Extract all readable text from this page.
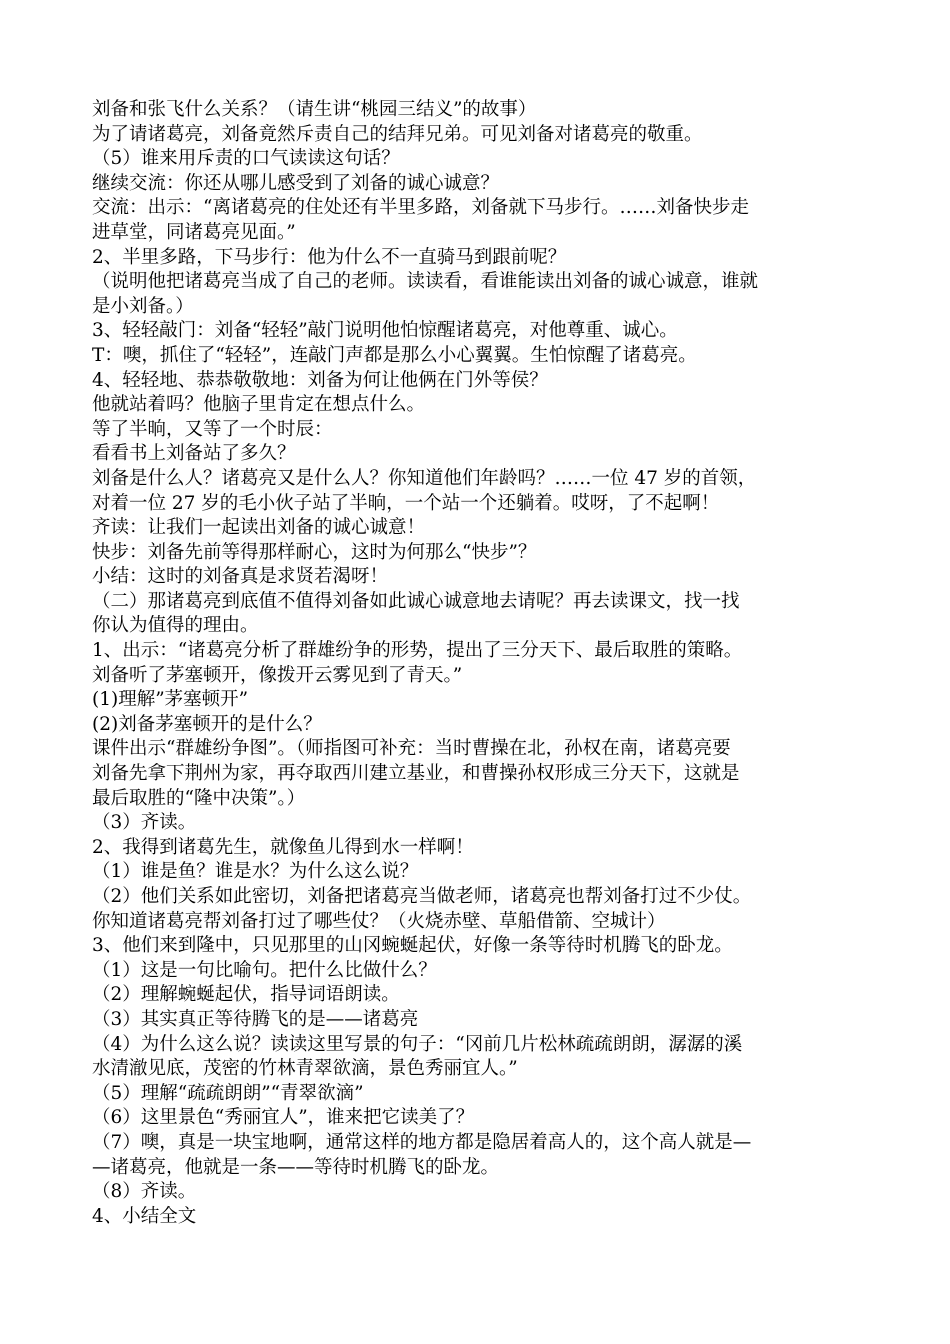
刘备和张飞什么关系？（请生讲“桃园三结义”的故事）
为了请诸葛亮，刘备竟然斥责自己的结拜兄弟。可见刘备对诸葛亮的敬重。
（5）谁来用斥责的口气读读这句话？
继续交流：你还从哪儿感受到了刘备的诚心诚意？
交流：出示：“离诸葛亮的住处还有半里多路，刘备就下马步行。……刘备快步走
进草堂，同诸葛亮见面。”
2、半里多路，下马步行：他为什么不一直骑马到跟前呢？
（说明他把诸葛亮当成了自己的老师。读读看，看谁能读出刘备的诚心诚意，谁就
是小刘备。）
3、轻轻敲门：刘备“轻轻”敲门说明他怕惊醒诸葛亮，对他尊重、诚心。
T：噢，抓住了“轻轻”，连敲门声都是那么小心翼翼。生怕惊醒了诸葛亮。
4、轻轻地、恭恭敬敬地：刘备为何让他俩在门外等侯？
他就站着吗？他脑子里肯定在想点什么。
等了半晌，又等了一个时辰：
看看书上刘备站了多久？
刘备是什么人？诸葛亮又是什么人？你知道他们年龄吗？……一位 47 岁的首领，
对着一位 27 岁的毛小伙子站了半晌，一个站一个还躺着。哎呀，了不起啊！
齐读：让我们一起读出刘备的诚心诚意！
快步：刘备先前等得那样耐心，这时为何那么“快步”？
小结：这时的刘备真是求贤若渴呀！
（二）那诸葛亮到底值不值得刘备如此诚心诚意地去请呢？再去读课文，找一找
你认为值得的理由。
1、出示：“诸葛亮分析了群雄纷争的形势，提出了三分天下、最后取胜的策略。
刘备听了茅塞顿开，像拨开云雾见到了青天。”
(1)理解”茅塞顿开”
(2)刘备茅塞顿开的是什么？
课件出示“群雄纷争图”。（师指图可补充：当时曹操在北，孙权在南，诸葛亮要
刘备先拿下荆州为家，再夺取西川建立基业，和曹操孙权形成三分天下，这就是
最后取胜的“隆中决策”。）
（3）齐读。
2、我得到诸葛先生，就像鱼儿得到水一样啊！
（1）谁是鱼？谁是水？为什么这么说？
（2）他们关系如此密切，刘备把诸葛亮当做老师，诸葛亮也帮刘备打过不少仗。
你知道诸葛亮帮刘备打过了哪些仗？（火烧赤壁、草船借箭、空城计）
3、他们来到隆中，只见那里的山冈蜿蜒起伏，好像一条等待时机腾飞的卧龙。
（1）这是一句比喻句。把什么比做什么？
（2）理解蜿蜒起伏，指导词语朗读。
（3）其实真正等待腾飞的是——诸葛亮
（4）为什么这么说？读读这里写景的句子：“冈前几片松林疏疏朗朗，潺潺的溪
水清澈见底，茂密的竹林青翠欲滴，景色秀丽宜人。”
（5）理解“疏疏朗朗”“青翠欲滴”
（6）这里景色“秀丽宜人”，谁来把它读美了？
（7）噢，真是一块宝地啊，通常这样的地方都是隐居着高人的，这个高人就是—
—诸葛亮，他就是一条——等待时机腾飞的卧龙。
（8）齐读。
4、小结全文
